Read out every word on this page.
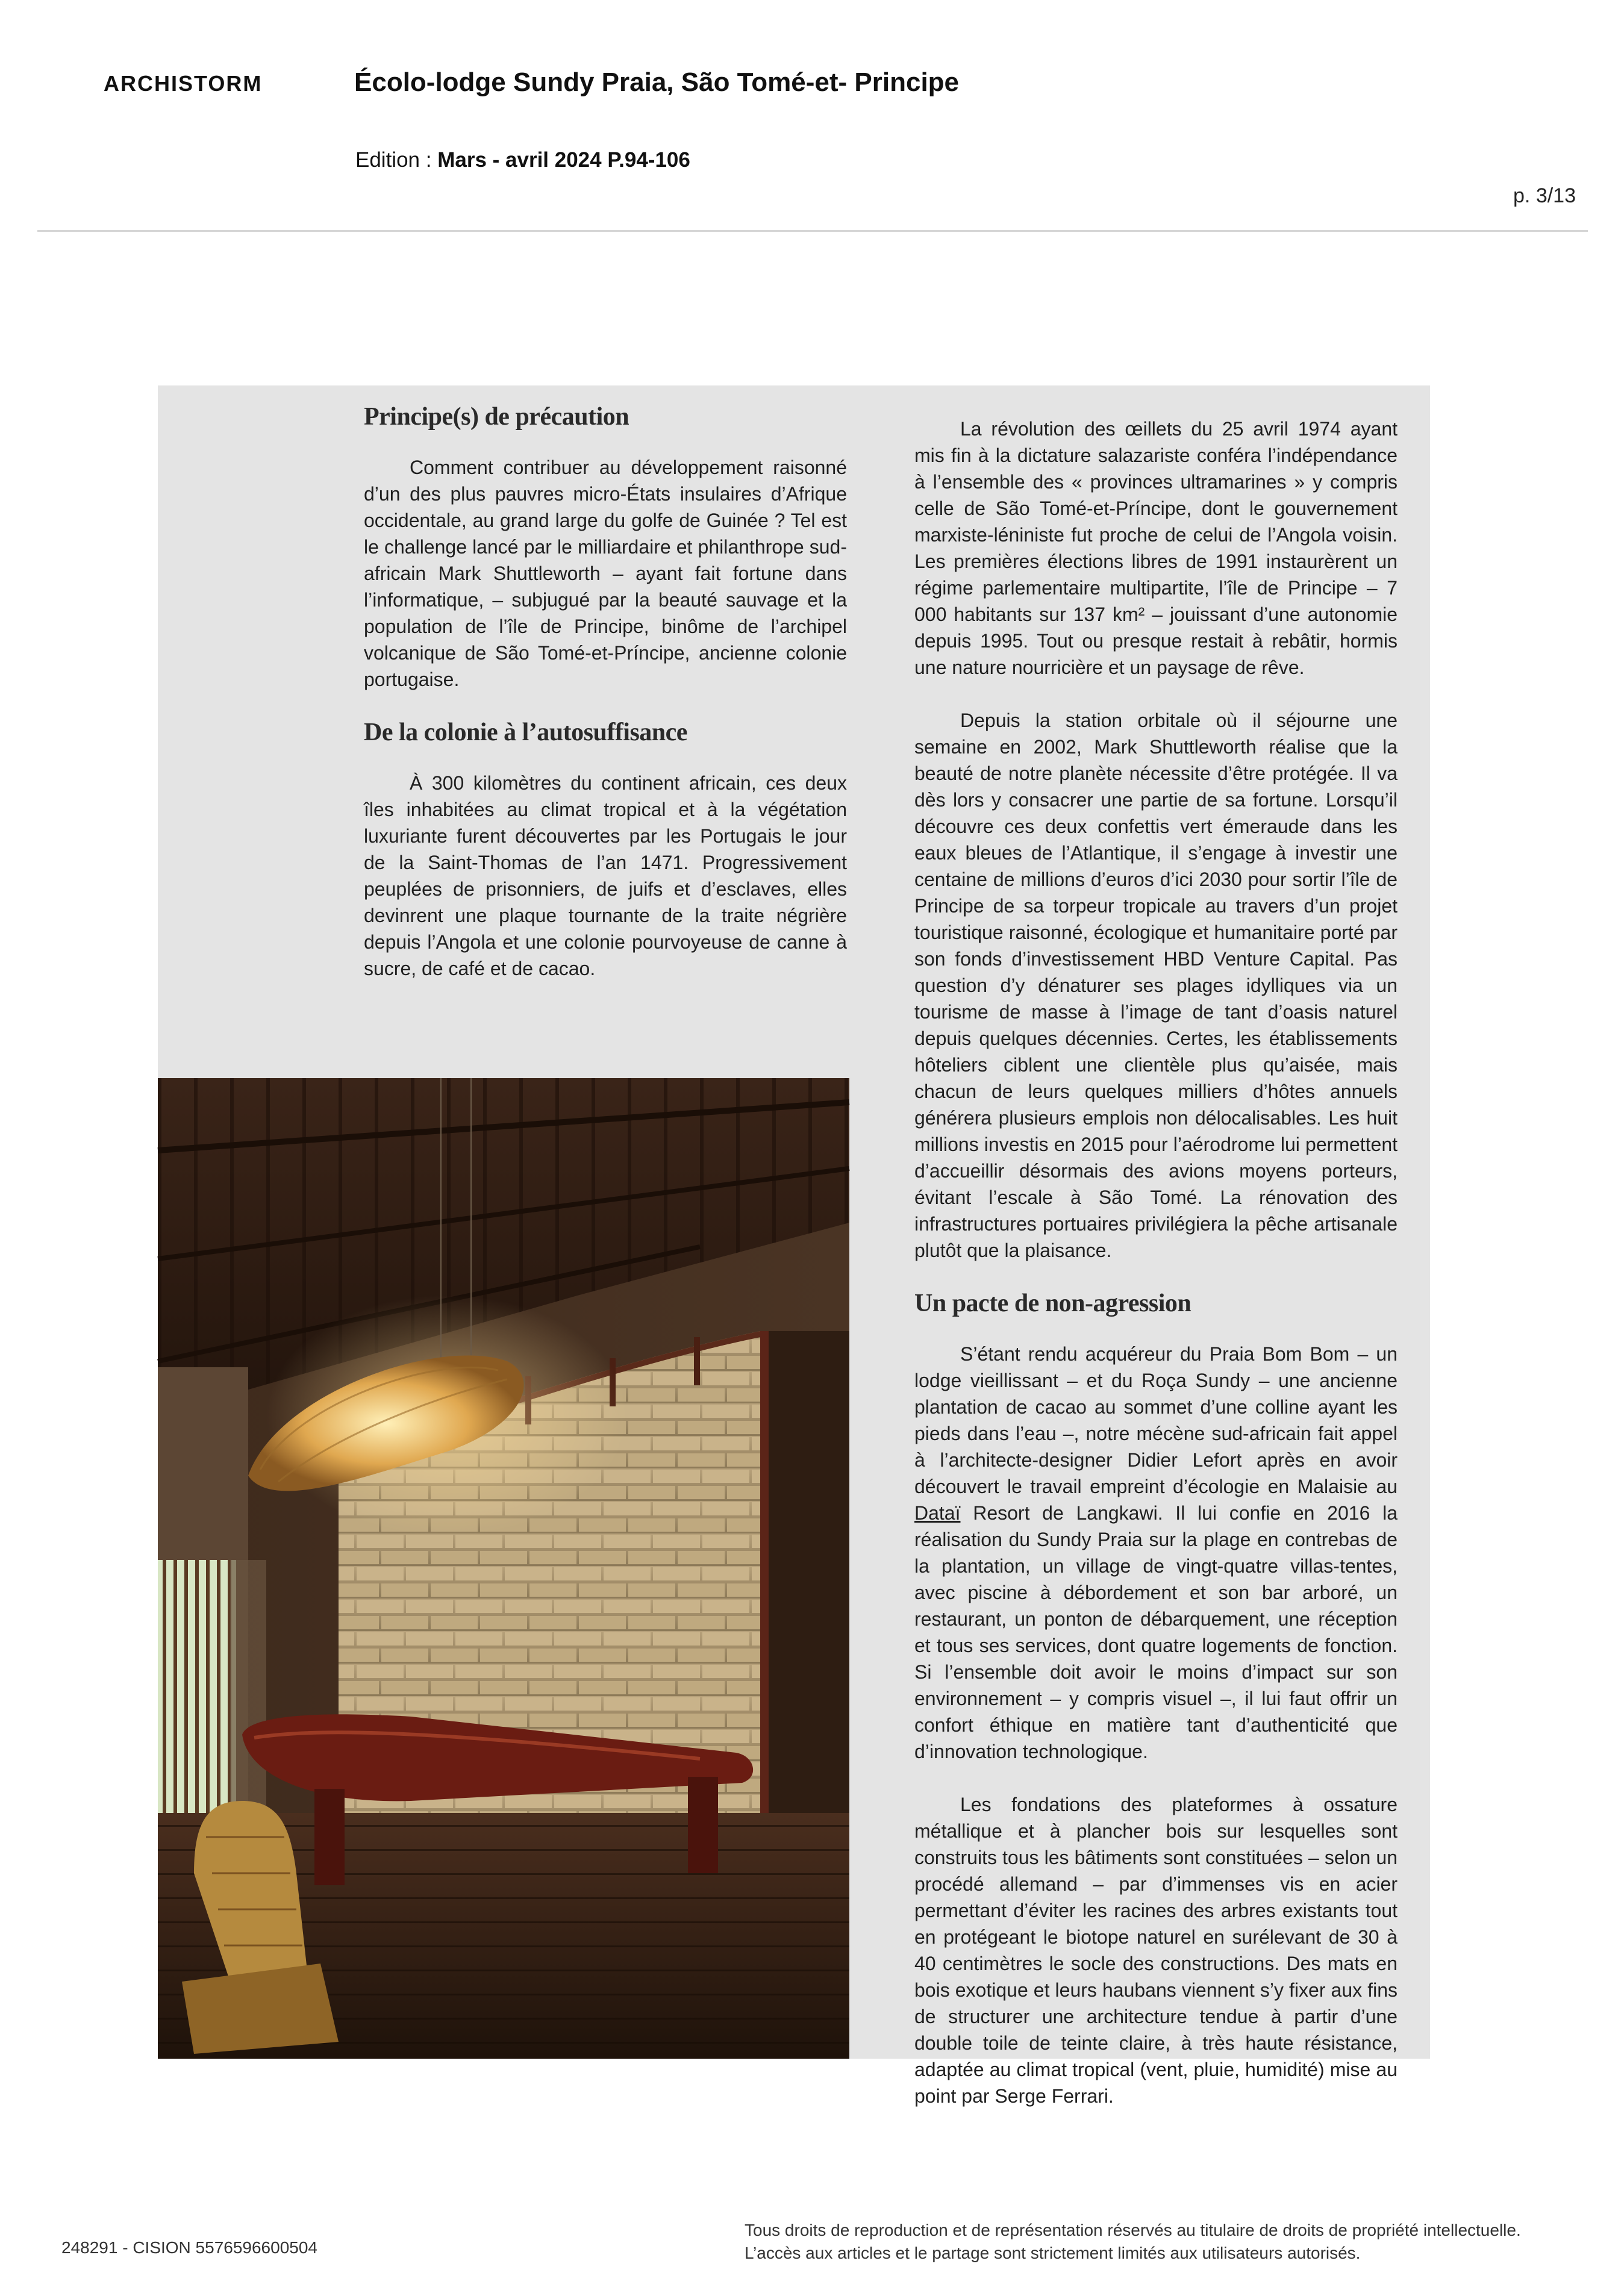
ARCHISTORM	Écolo-lodge Sundy Praia, São Tomé-et- Principe
Edition : Mars - avril 2024 P.94-106
p. 3/13
Principe(s) de précaution

Comment contribuer au développement raisonné d’un des plus pauvres micro-États insulaires d’Afrique occidentale, au grand large du golfe de Guinée ? Tel est le challenge lancé par le milliardaire et philanthrope sud-africain Mark Shuttleworth – ayant fait fortune dans l’informatique, – subjugué par la beauté sauvage et la population de l’île de Principe, binôme de l’archipel volcanique de São Tomé-et-Príncipe, ancienne colonie portugaise.

De la colonie à l’autosuffisance

À 300 kilomètres du continent africain, ces deux îles inhabitées au climat tropical et à la végétation luxuriante furent découvertes par les Portugais le jour de la Saint-Thomas de l’an 1471. Progressivement peuplées de prisonniers, de juifs et d’esclaves, elles devinrent une plaque tournante de la traite négrière depuis l’Angola et une colonie pourvoyeuse de canne à sucre, de café et de cacao.

La révolution des œillets du 25 avril 1974 ayant mis fin à la dictature salazariste conféra l’indépendance à l’ensemble des « provinces ultramarines » y compris celle de São Tomé-et-Príncipe, dont le gouvernement marxiste-léniniste fut proche de celui de l’Angola voisin. Les premières élections libres de 1991 instaurèrent un régime parlementaire multipartite, l’île de Principe – 7 000 habitants sur 137 km² – jouissant d’une autonomie depuis 1995. Tout ou presque restait à rebâtir, hormis une nature nourricière et un paysage de rêve.

Depuis la station orbitale où il séjourne une semaine en 2002, Mark Shuttleworth réalise que la beauté de notre planète nécessite d’être protégée. Il va dès lors y consacrer une partie de sa fortune. Lorsqu’il découvre ces deux confettis vert émeraude dans les eaux bleues de l’Atlantique, il s’engage à investir une centaine de millions d’euros d’ici 2030 pour sortir l’île de Principe de sa torpeur tropicale au travers d’un projet touristique raisonné, écologique et humanitaire porté par son fonds d’investissement HBD Venture Capital. Pas question d’y dénaturer ses plages idylliques via un tourisme de masse à l’image de tant d’oasis naturel depuis quelques décennies. Certes, les établissements hôteliers ciblent une clientèle plus qu’aisée, mais chacun de leurs quelques milliers d’hôtes annuels générera plusieurs emplois non délocalisables. Les huit millions investis en 2015 pour l’aérodrome lui permettent d’accueillir désormais des avions moyens porteurs, évitant l’escale à São Tomé. La rénovation des infrastructures portuaires privilégiera la pêche artisanale plutôt que la plaisance.

Un pacte de non-agression

S’étant rendu acquéreur du Praia Bom Bom – un lodge vieillissant – et du Roça Sundy – une ancienne plantation de cacao au sommet d’une colline ayant les pieds dans l’eau –, notre mécène sud-africain fait appel à l’architecte-designer Didier Lefort après en avoir découvert le travail empreint d’écologie en Malaisie au Dataï Resort de Langkawi. Il lui confie en 2016 la réalisation du Sundy Praia sur la plage en contrebas de la plantation, un village de vingt-quatre villas-tentes, avec piscine à débordement et son bar arboré, un restaurant, un ponton de débarquement, une réception et tous ses services, dont quatre logements de fonction. Si l’ensemble doit avoir le moins d’impact sur son environnement – y compris visuel –, il lui faut offrir un confort éthique en matière tant d’authenticité que d’innovation technologique.

Les fondations des plateformes à ossature métallique et à plancher bois sur lesquelles sont construits tous les bâtiments sont constituées – selon un procédé allemand – par d’immenses vis en acier permettant d’éviter les racines des arbres existants tout en protégeant le biotope naturel en surélevant de 30 à 40 centimètres le socle des constructions. Des mats en bois exotique et leurs haubans viennent s’y fixer aux fins de structurer une architecture tendue à partir d’une double toile de teinte claire, à très haute résistance, adaptée au climat tropical (vent, pluie, humidité) mise au point par Serge Ferrari.

248291 - CISION 5576596600504
Tous droits de reproduction et de représentation réservés au titulaire de droits de propriété intellectuelle.
L’accès aux articles et le partage sont strictement limités aux utilisateurs autorisés.
